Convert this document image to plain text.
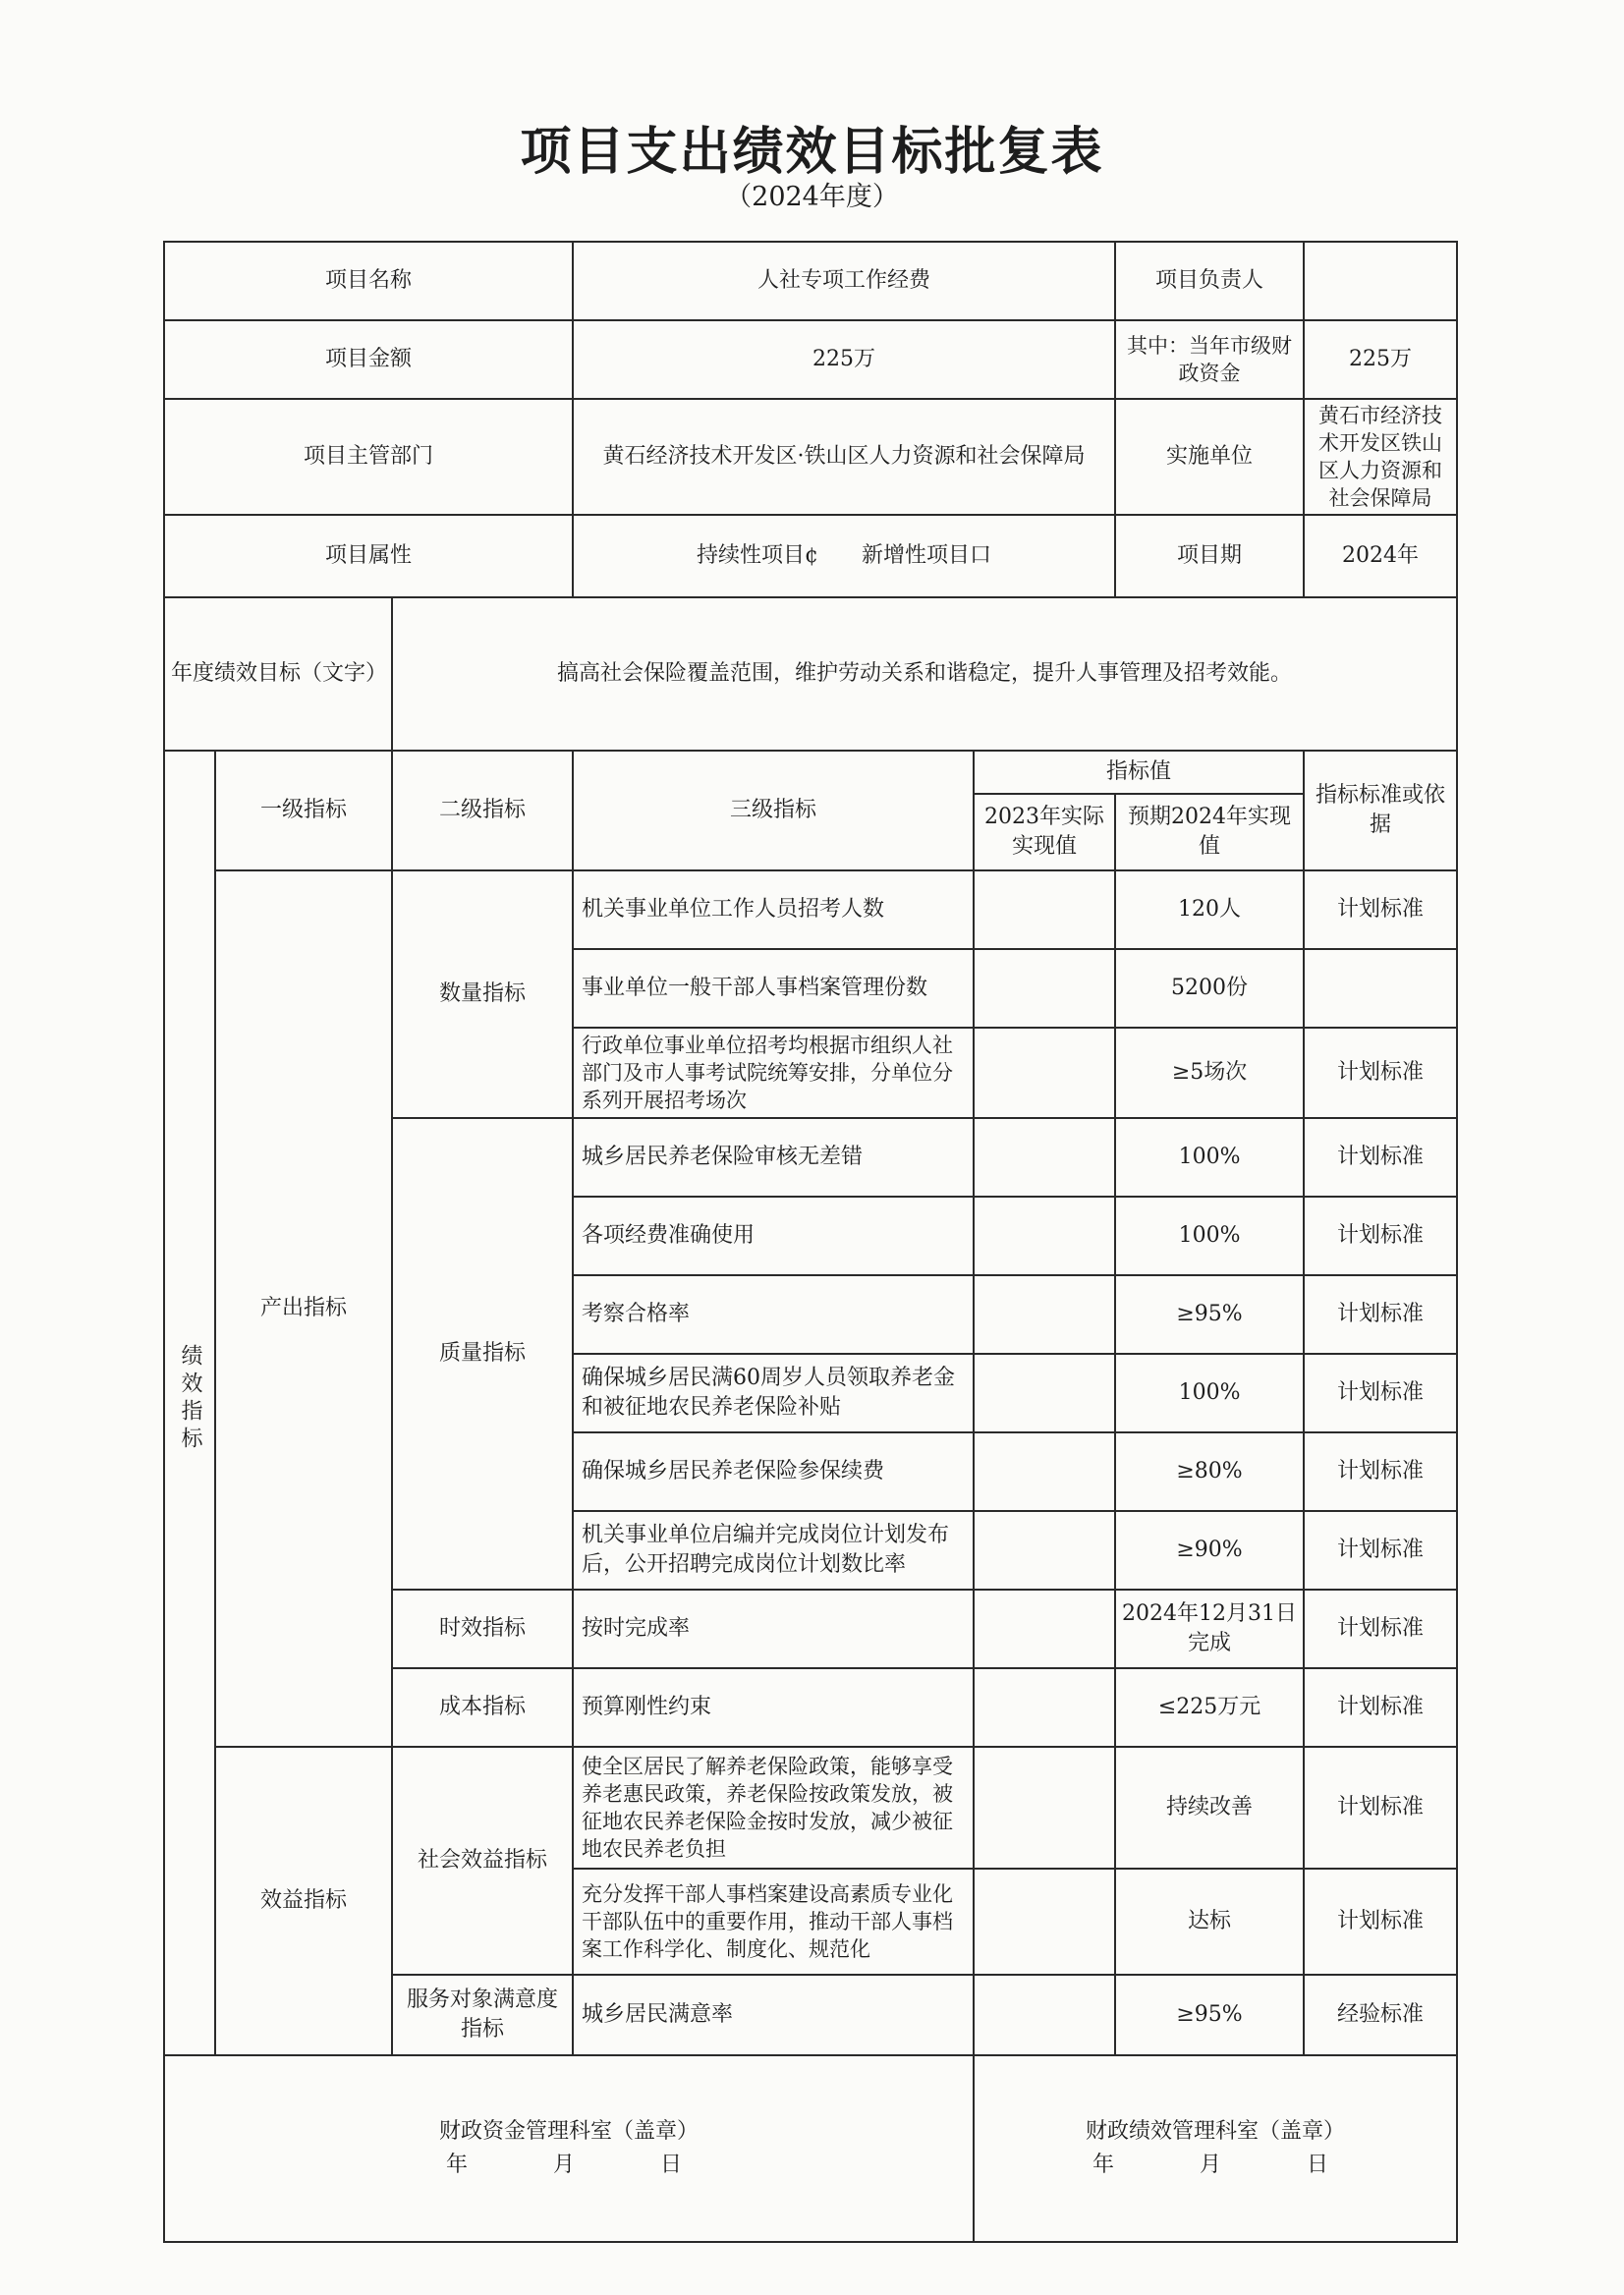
项目支出绩效目标批复表
（2024年度）
项目名称			人社专项工作经费		项目负责人	
项目金额			225万		其中：当年市级财政资金	225万
项目主管部门			黄石经济技术开发区·铁山区人力资源和社会保障局		实施单位	黄石市经济技术开发区铁山区人力资源和社会保障局
项目属性			持续性项目¢　　新增性项目口		项目期	2024年
年度绩效目标（文字）		搞高社会保险覆盖范围，维护劳动关系和谐稳定，提升人事管理及招考效能。				
绩效指标	一级指标	二级指标	三级指标	指标值		指标标准或依据
				2023年实际实现值	预期2024年实现值	
	产出指标	数量指标	机关事业单位工作人员招考人数		120人	计划标准
			事业单位一般干部人事档案管理份数		5200份	
			行政单位事业单位招考均根据市组织人社部门及市人事考试院统筹安排，分单位分系列开展招考场次		≥5场次	计划标准
		质量指标	城乡居民养老保险审核无差错		100%	计划标准
			各项经费准确使用		100%	计划标准
			考察合格率		≥95%	计划标准
			确保城乡居民满60周岁人员领取养老金和被征地农民养老保险补贴		100%	计划标准
			确保城乡居民养老保险参保续费		≥80%	计划标准
			机关事业单位启编并完成岗位计划发布后，公开招聘完成岗位计划数比率		≥90%	计划标准
		时效指标	按时完成率		2024年12月31日完成	计划标准
		成本指标	预算刚性约束		≤225万元	计划标准
	效益指标	社会效益指标	使全区居民了解养老保险政策，能够享受养老惠民政策，养老保险按政策发放，被征地农民养老保险金按时发放，减少被征地农民养老负担		持续改善	计划标准
			充分发挥干部人事档案建设高素质专业化干部队伍中的重要作用，推动干部人事档案工作科学化、制度化、规范化		达标	计划标准
		服务对象满意度指标	城乡居民满意率		≥95%	经验标准

财政资金管理科室（盖章）
年 月 日				财政绩效管理科室（盖章）
年 月 日		
